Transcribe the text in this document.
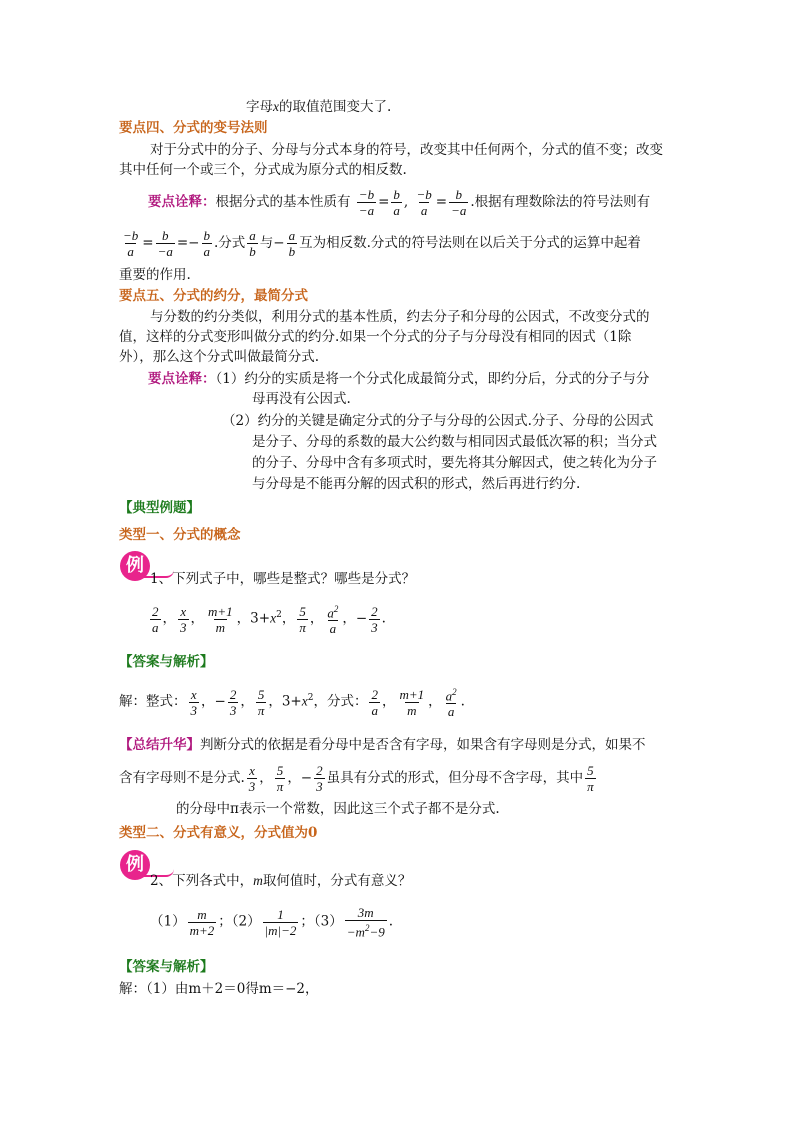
字母x的取值范围变大了.
要点四、分式的变号法则
对于分式中的分子、分母与分式本身的符号，改变其中任何两个，分式的值不变；改变
其中任何一个或三个，分式成为原分式的相反数.
要点诠释：根据分式的基本性质有 $\frac{-b}{-a} = \frac{b}{a}$ , $\frac{-b}{a} = \frac{b}{-a}$ .根据有理数除法的符号法则有
$\frac{-b}{a} = \frac{b}{-a} =- \frac{b}{a}$ .分式 $\frac{a}{b}$ 与− $\frac{a}{b}$ 互为相反数.分式的符号法则在以后关于分式的运算中起着
重要的作用.
要点五、分式的约分，最简分式
与分数的约分类似，利用分式的基本性质，约去分子和分母的公因式，不改变分式的
值，这样的分式变形叫做分式的约分.如果一个分式的分子与分母没有相同的因式（1除
外），那么这个分式叫做最简分式.
要点诠释：（1）约分的实质是将一个分式化成最简分式，即约分后，分式的分子与分
母再没有公因式.
（2）约分的关键是确定分式的分子与分母的公因式.分子、分母的公因式
是分子、分母的系数的最大公约数与相同因式最低次幂的积；当分式
的分子、分母中含有多项式时，要先将其分解因式，使之转化为分子
与分母是不能再分解的因式积的形式，然后再进行约分.
【典型例题】
类型一、分式的概念
例
1、下列式子中，哪些是整式？哪些是分式？
$\frac{2}{a}$ ， $\frac{x}{3}$ ， $\frac{m+1}{m}$ ，$3+x^2$， $\frac{5}{\pi}$ ， $\frac{a^2}{a}$ ，− $\frac{2}{3}$ .
【答案与解析】
解：整式： $\frac{x}{3}$ ，− $\frac{2}{3}$ ， $\frac{5}{\pi}$ ，$3+x^2$，分式： $\frac{2}{a}$ ， $\frac{m+1}{m}$ ， $\frac{a^2}{a}$ .
【总结升华】判断分式的依据是看分母中是否含有字母，如果含有字母则是分式，如果不
含有字母则不是分式. $\frac{x}{3}$ ， $\frac{5}{\pi}$ ，− $\frac{2}{3}$ 虽具有分式的形式，但分母不含字母，其中 $\frac{5}{\pi}$
的分母中π表示一个常数，因此这三个式子都不是分式.
类型二、分式有意义，分式值为0
例
2、下列各式中，m取何值时，分式有意义？
$(1) \frac{m}{m+2}$ ；$(2) \frac{1}{|m|-2}$ ；$(3) \frac{3m}{-m^2-9}$ .
【答案与解析】
解：（1）由m＋2＝0得m＝−2，
